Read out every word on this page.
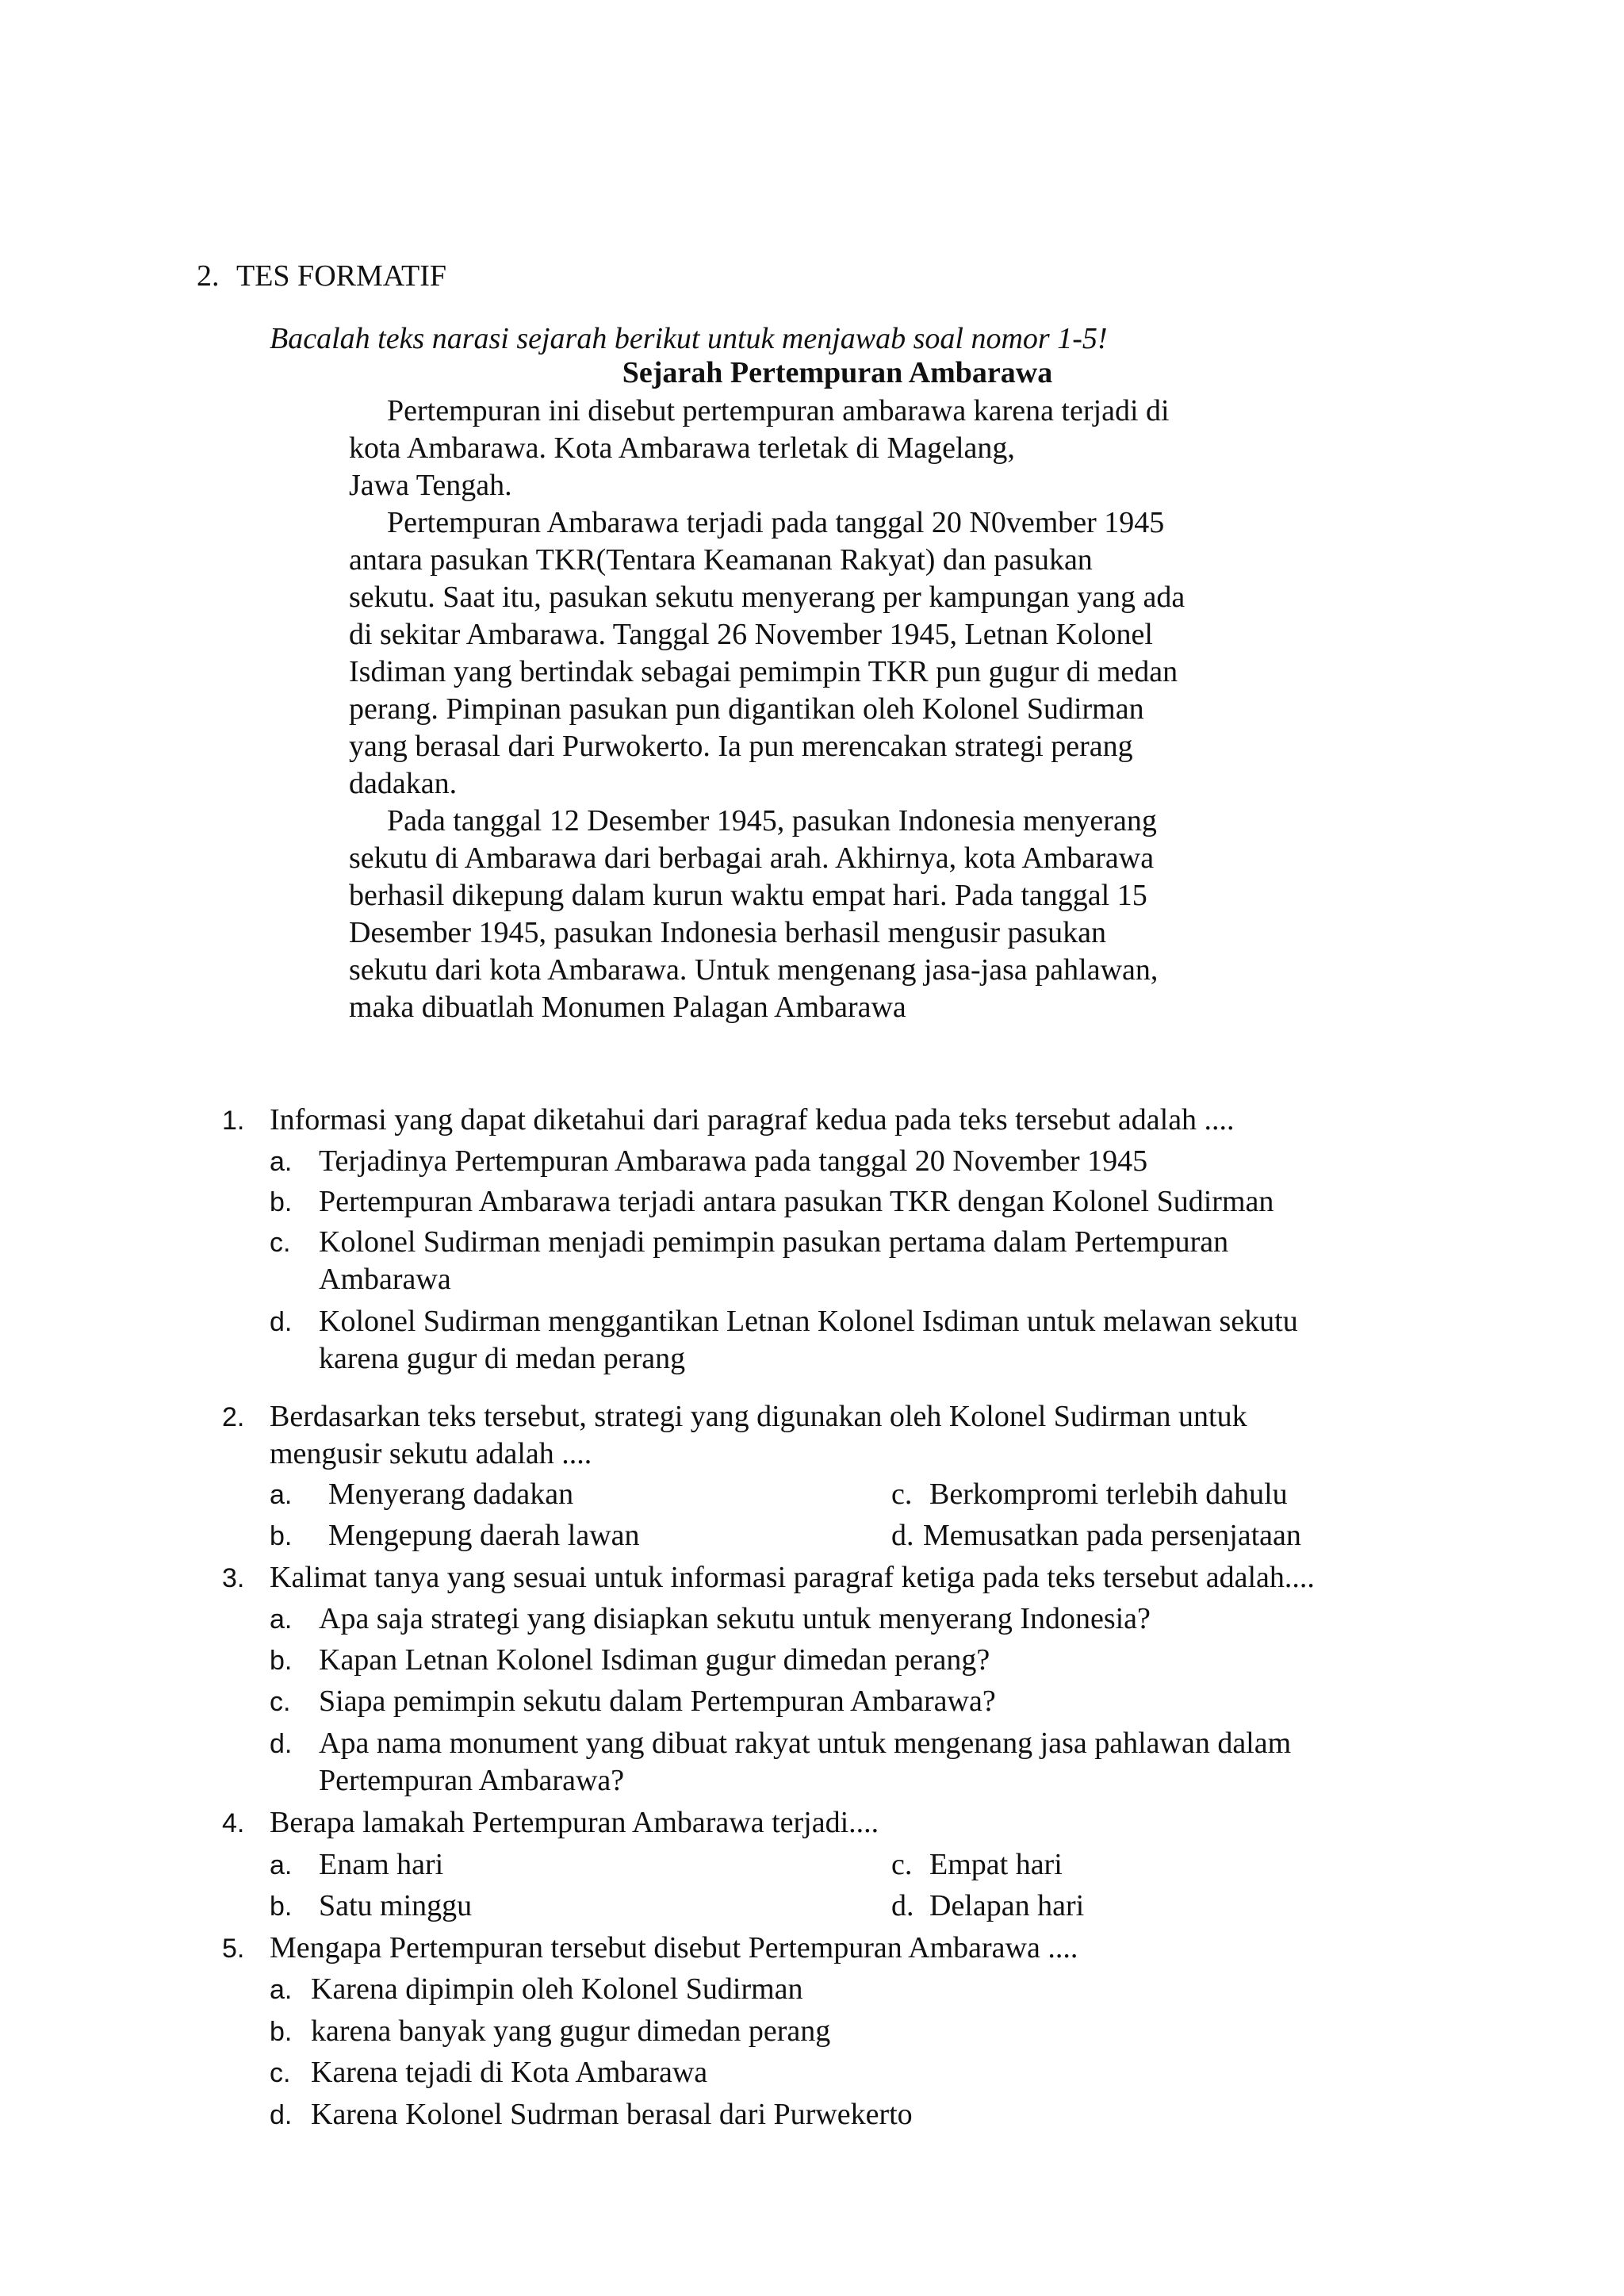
2. TES FORMATIF
Bacalah teks narasi sejarah berikut untuk menjawab soal nomor 1-5!
Sejarah Pertempuran Ambarawa
Pertempuran ini disebut pertempuran ambarawa karena terjadi di
kota Ambarawa. Kota Ambarawa terletak di Magelang,
Jawa Tengah.
Pertempuran Ambarawa terjadi pada tanggal 20 N0vember 1945
antara pasukan TKR(Tentara Keamanan Rakyat) dan pasukan
sekutu. Saat itu, pasukan sekutu menyerang per kampungan yang ada
di sekitar Ambarawa. Tanggal 26 November 1945, Letnan Kolonel
Isdiman yang bertindak sebagai pemimpin TKR pun gugur di medan
perang. Pimpinan pasukan pun digantikan oleh Kolonel Sudirman
yang berasal dari Purwokerto. Ia pun merencakan strategi perang
dadakan.
Pada tanggal 12 Desember 1945, pasukan Indonesia menyerang
sekutu di Ambarawa dari berbagai arah. Akhirnya, kota Ambarawa
berhasil dikepung dalam kurun waktu empat hari. Pada tanggal 15
Desember 1945, pasukan Indonesia berhasil mengusir pasukan
sekutu dari kota Ambarawa. Untuk mengenang jasa-jasa pahlawan,
maka dibuatlah Monumen Palagan Ambarawa
1. Informasi yang dapat diketahui dari paragraf kedua pada teks tersebut adalah ....
a. Terjadinya Pertempuran Ambarawa pada tanggal 20 November 1945
b. Pertempuran Ambarawa terjadi antara pasukan TKR dengan Kolonel Sudirman
c. Kolonel Sudirman menjadi pemimpin pasukan pertama dalam Pertempuran
Ambarawa
d. Kolonel Sudirman menggantikan Letnan Kolonel Isdiman untuk melawan sekutu
karena gugur di medan perang
2. Berdasarkan teks tersebut, strategi yang digunakan oleh Kolonel Sudirman untuk
mengusir sekutu adalah ....
a. Menyerang dadakan	c. Berkompromi terlebih dahulu
b. Mengepung daerah lawan	d. Memusatkan pada persenjataan
3. Kalimat tanya yang sesuai untuk informasi paragraf ketiga pada teks tersebut adalah....
a. Apa saja strategi yang disiapkan sekutu untuk menyerang Indonesia?
b. Kapan Letnan Kolonel Isdiman gugur dimedan perang?
c. Siapa pemimpin sekutu dalam Pertempuran Ambarawa?
d. Apa nama monument yang dibuat rakyat untuk mengenang jasa pahlawan dalam
Pertempuran Ambarawa?
4. Berapa lamakah Pertempuran Ambarawa terjadi....
a. Enam hari	c. Empat hari
b. Satu minggu	d. Delapan hari
5. Mengapa Pertempuran tersebut disebut Pertempuran Ambarawa ....
a. Karena dipimpin oleh Kolonel Sudirman
b. karena banyak yang gugur dimedan perang
c. Karena tejadi di Kota Ambarawa
d. Karena Kolonel Sudrman berasal dari Purwekerto
